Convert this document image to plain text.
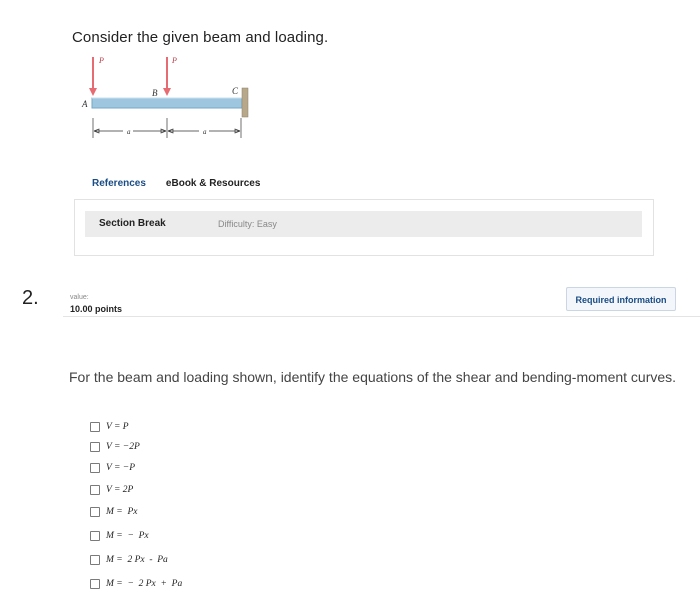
Consider the given beam and loading.
P	P
A
B	C
a	a
References eBook & Resources
Section Break	Difficulty: Easy
2.	value:
10.00 points
Required information
For the beam and loading shown, identify the equations of the shear and bending-moment curves.
V = P
V = −2P
V = −P
V = 2P
M =  Px
M =  −  Px
M =  2 Px  -  Pa
M =  −  2 Px  +  Pa
